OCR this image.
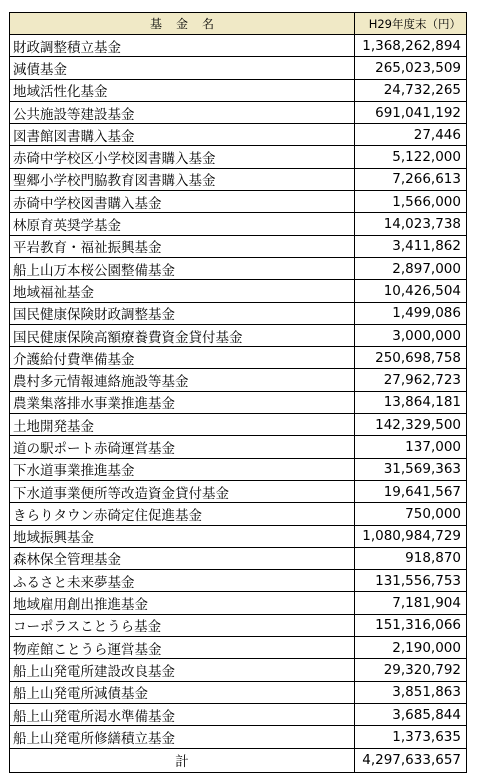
基金名	H29年度末（円）
財政調整積立基金	1,368,262,894
減債基金	265,023,509
地域活性化基金	24,732,265
公共施設等建設基金	691,041,192
図書館図書購入基金	27,446
赤碕中学校区小学校図書購入基金	5,122,000
聖郷小学校門脇教育図書購入基金	7,266,613
赤碕中学校図書購入基金	1,566,000
林原育英奨学基金	14,023,738
平岩教育・福祉振興基金	3,411,862
船上山万本桜公園整備基金	2,897,000
地域福祉基金	10,426,504
国民健康保険財政調整基金	1,499,086
国民健康保険高額療養費資金貸付基金	3,000,000
介護給付費準備基金	250,698,758
農村多元情報連絡施設等基金	27,962,723
農業集落排水事業推進基金	13,864,181
土地開発基金	142,329,500
道の駅ポート赤碕運営基金	137,000
下水道事業推進基金	31,569,363
下水道事業便所等改造資金貸付基金	19,641,567
きらりタウン赤碕定住促進基金	750,000
地域振興基金	1,080,984,729
森林保全管理基金	918,870
ふるさと未来夢基金	131,556,753
地域雇用創出推進基金	7,181,904
コーポラスことうら基金	151,316,066
物産館ことうら運営基金	2,190,000
船上山発電所建設改良基金	29,320,792
船上山発電所減債基金	3,851,863
船上山発電所渇水準備基金	3,685,844
船上山発電所修繕積立基金	1,373,635
計	4,297,633,657
